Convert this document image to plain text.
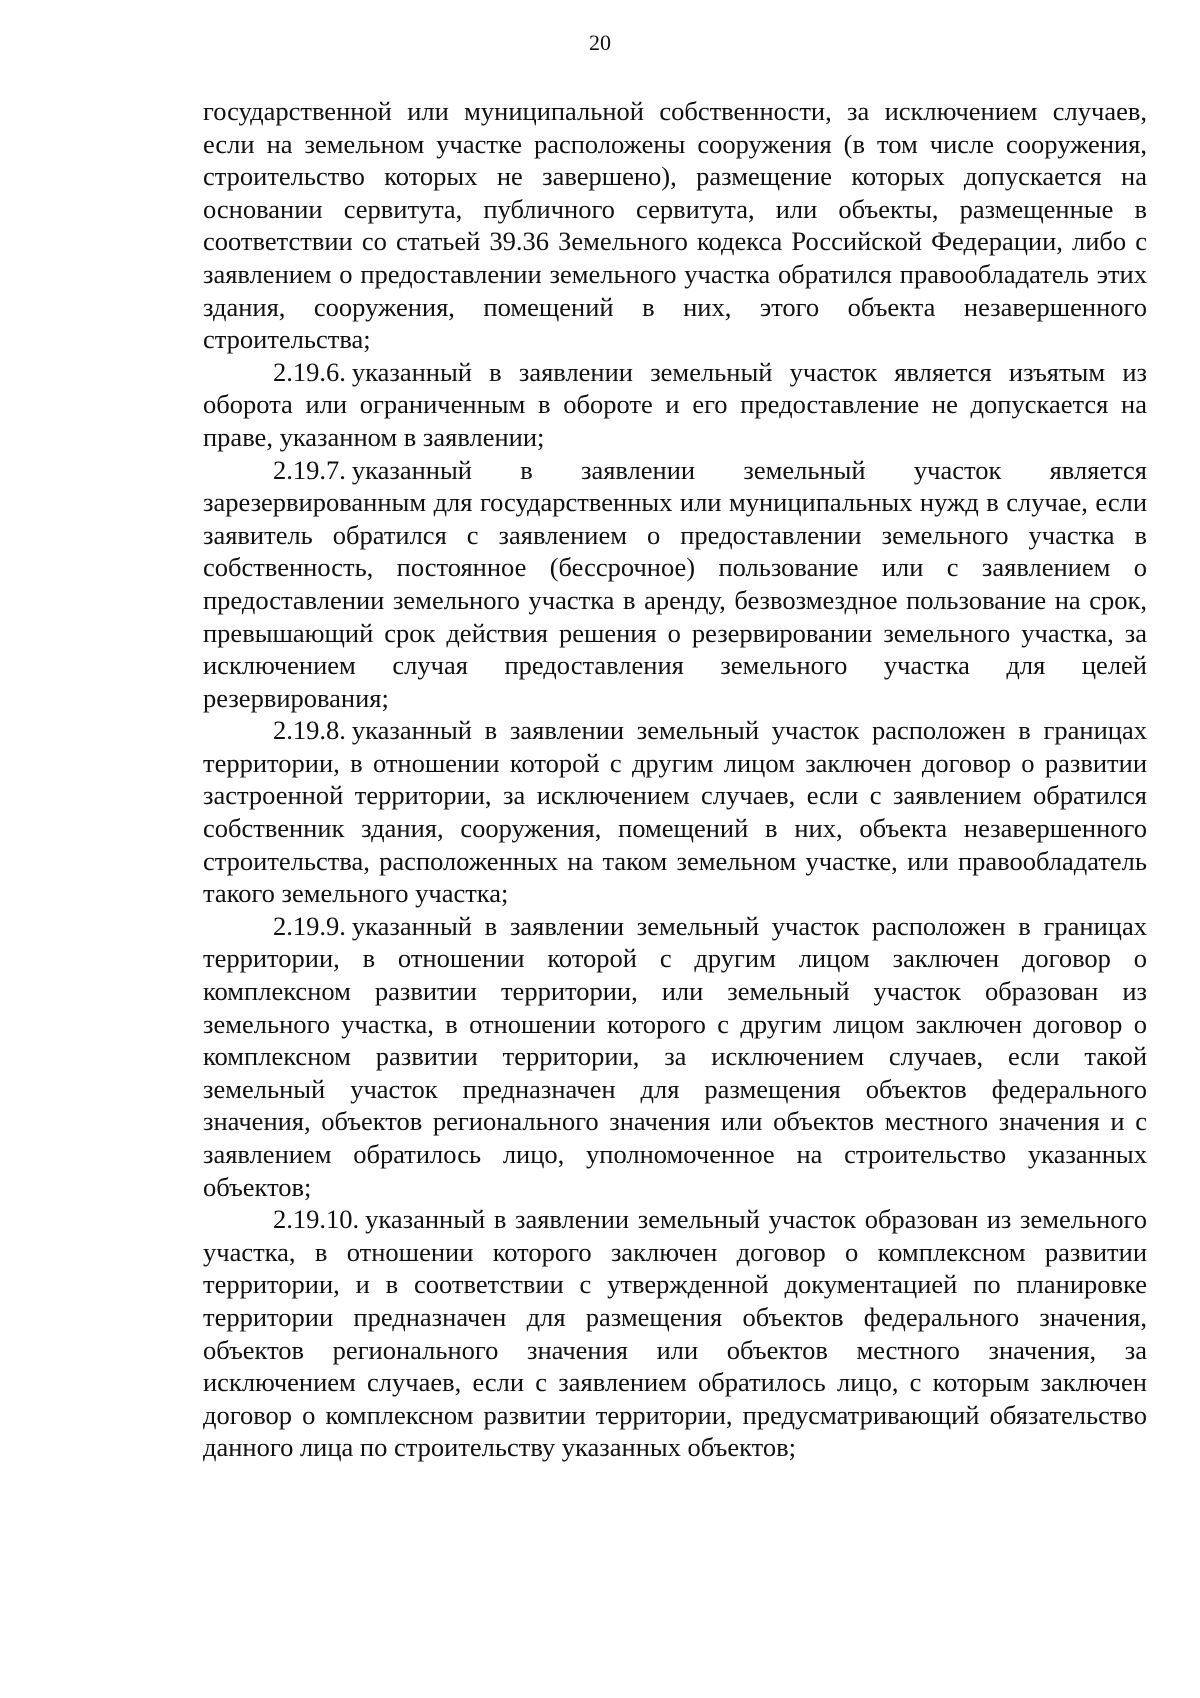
20

государственной или муниципальной собственности, за исключением случаев, если на земельном участке расположены сооружения (в том числе сооружения, строительство которых не завершено), размещение которых допускается на основании сервитута, публичного сервитута, или объекты, размещенные в соответствии со статьей 39.36 Земельного кодекса Российской Федерации, либо с заявлением о предоставлении земельного участка обратился правообладатель этих здания, сооружения, помещений в них, этого объекта незавершенного строительства;

2.19.6. указанный в заявлении земельный участок является изъятым из оборота или ограниченным в обороте и его предоставление не допускается на праве, указанном в заявлении;

2.19.7. указанный в заявлении земельный участок является зарезервированным для государственных или муниципальных нужд в случае, если заявитель обратился с заявлением о предоставлении земельного участка в собственность, постоянное (бессрочное) пользование или с заявлением о предоставлении земельного участка в аренду, безвозмездное пользование на срок, превышающий срок действия решения о резервировании земельного участка, за исключением случая предоставления земельного участка для целей резервирования;

2.19.8. указанный в заявлении земельный участок расположен в границах территории, в отношении которой с другим лицом заключен договор о развитии застроенной территории, за исключением случаев, если с заявлением обратился собственник здания, сооружения, помещений в них, объекта незавершенного строительства, расположенных на таком земельном участке, или правообладатель такого земельного участка;

2.19.9. указанный в заявлении земельный участок расположен в границах территории, в отношении которой с другим лицом заключен договор о комплексном развитии территории, или земельный участок образован из земельного участка, в отношении которого с другим лицом заключен договор о комплексном развитии территории, за исключением случаев, если такой земельный участок предназначен для размещения объектов федерального значения, объектов регионального значения или объектов местного значения и с заявлением обратилось лицо, уполномоченное на строительство указанных объектов;

2.19.10. указанный в заявлении земельный участок образован из земельного участка, в отношении которого заключен договор о комплексном развитии территории, и в соответствии с утвержденной документацией по планировке территории предназначен для размещения объектов федерального значения, объектов регионального значения или объектов местного значения, за исключением случаев, если с заявлением обратилось лицо, с которым заключен договор о комплексном развитии территории, предусматривающий обязательство данного лица по строительству указанных объектов;
